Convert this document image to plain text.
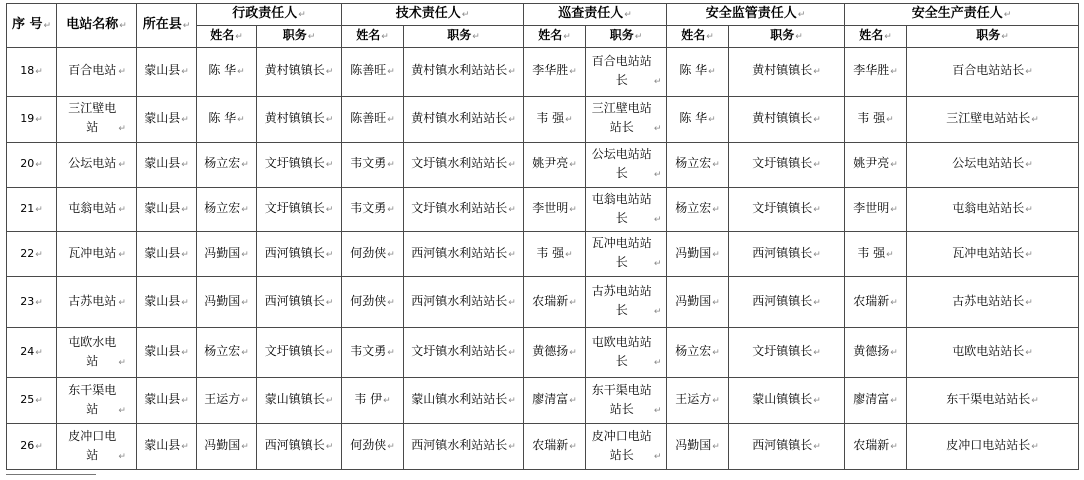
序 号↵	电站名称↵	所在县↵	行政责任人↵		技术责任人↵		巡查责任人↵		安全监管责任人↵		安全生产责任人↵	
			姓名↵	职务↵	姓名↵	职务↵	姓名↵	职务↵	姓名↵	职务↵	姓名↵	职务↵
18↵	百合电站 ↵	蒙山县↵	陈 华↵	黄村镇镇长↵	陈善旺↵	黄村镇水利站站长↵	李华胜↵	百合电站站长 ↵	陈 华↵	黄村镇镇长↵	李华胜↵	百合电站站长↵
19↵	三江壁电站 ↵	蒙山县↵	陈 华↵	黄村镇镇长↵	陈善旺↵	黄村镇水利站站长↵	韦 强↵	三江壁电站站长 ↵	陈 华↵	黄村镇镇长↵	韦 强↵	三江壁电站站长↵
20↵	公坛电站 ↵	蒙山县↵	杨立宏↵	文圩镇镇长↵	韦文勇↵	文圩镇水利站站长↵	姚尹亮↵	公坛电站站长 ↵	杨立宏↵	文圩镇镇长↵	姚尹亮↵	公坛电站站长↵
21↵	屯翁电站 ↵	蒙山县↵	杨立宏↵	文圩镇镇长↵	韦文勇↵	文圩镇水利站站长↵	李世明↵	屯翁电站站长 ↵	杨立宏↵	文圩镇镇长↵	李世明↵	屯翁电站站长↵
22↵	瓦冲电站 ↵	蒙山县↵	冯勤国↵	西河镇镇长↵	何劲侠↵	西河镇水利站站长↵	韦 强↵	瓦冲电站站长 ↵	冯勤国↵	西河镇镇长↵	韦 强↵	瓦冲电站站长↵
23↵	古苏电站 ↵	蒙山县↵	冯勤国↵	西河镇镇长↵	何劲侠↵	西河镇水利站站长↵	农瑞新↵	古苏电站站长 ↵	冯勤国↵	西河镇镇长↵	农瑞新↵	古苏电站站长↵
24↵	屯欧水电站 ↵	蒙山县↵	杨立宏↵	文圩镇镇长↵	韦文勇↵	文圩镇水利站站长↵	黄德扬↵	屯欧电站站长 ↵	杨立宏↵	文圩镇镇长↵	黄德扬↵	屯欧电站站长↵
25↵	东干渠电站 ↵	蒙山县↵	王运方↵	蒙山镇镇长↵	韦 伊↵	蒙山镇水利站站长↵	廖清富↵	东干渠电站站长 ↵	王运方↵	蒙山镇镇长↵	廖清富↵	东干渠电站站长↵
26↵	皮冲口电站 ↵	蒙山县↵	冯勤国↵	西河镇镇长↵	何劲侠↵	西河镇水利站站长↵	农瑞新↵	皮冲口电站站长 ↵	冯勤国↵	西河镇镇长↵	农瑞新↵	皮冲口电站站长↵
